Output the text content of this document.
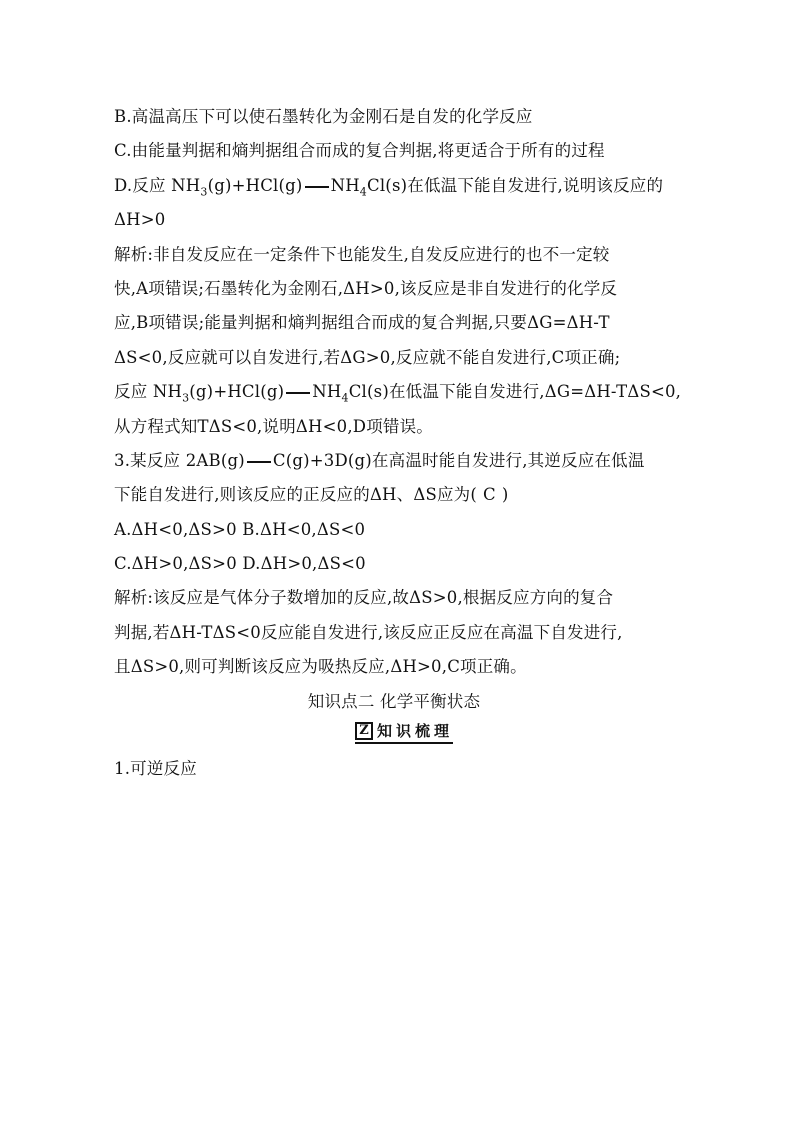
B.高温高压下可以使石墨转化为金刚石是自发的化学反应
C.由能量判据和熵判据组合而成的复合判据,将更适合于所有的过程
D.反应 $NH_3(g)+HCl(g)$ $NH_4Cl(s)$在低温下能自发进行,说明该反应的
ΔH>0
解析:非自发反应在一定条件下也能发生,自发反应进行的也不一定较
快,A项错误;石墨转化为金刚石,ΔH>0,该反应是非自发进行的化学反
应,B项错误;能量判据和熵判据组合而成的复合判据,只要ΔG=ΔH-T
ΔS<0,反应就可以自发进行,若ΔG>0,反应就不能自发进行,C项正确;
反应 $NH_3(g)+HCl(g)$ $NH_4Cl(s)$在低温下能自发进行,ΔG=ΔH-TΔS<0,
从方程式知TΔS<0,说明ΔH<0,D项错误。
3.某反应 2AB(g) C(g)+3D(g)在高温时能自发进行,其逆反应在低温
下能自发进行,则该反应的正反应的ΔH、ΔS应为( C )
A.ΔH<0,ΔS>0 B.ΔH<0,ΔS<0
C.ΔH>0,ΔS>0 D.ΔH>0,ΔS<0
解析:该反应是气体分子数增加的反应,故ΔS>0,根据反应方向的复合
判据,若ΔH-TΔS<0反应能自发进行,该反应正反应在高温下自发进行,
且ΔS>0,则可判断该反应为吸热反应,ΔH>0,C项正确。
知识点二 化学平衡状态
Z 知识梳理
1.可逆反应
